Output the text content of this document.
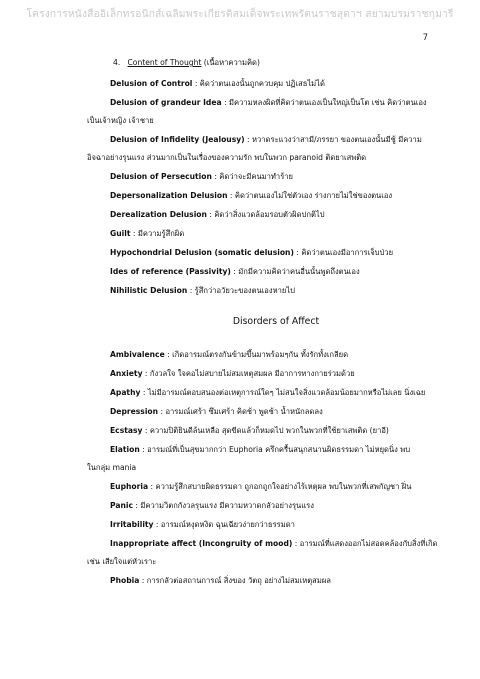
โครงการหนังสืออิเล็กทรอนิกส์เฉลิมพระเกียรติสมเด็จพระเทพรัตนราชสุดาฯ สยามบรมราชกุมารี
7
4. Content of Thought (เนื้อหาความคิด)
Delusion of Control : คิดว่าตนเองนั้นถูกควบคุม ปฏิเสธไม่ได้
Delusion of grandeur Idea : มีความหลงผิดที่คิดว่าตนเองเป็นใหญ่เป็นโต เช่น คิดว่าตนเอง
เป็นเจ้าหญิง เจ้าชาย
Delusion of Infidelity (Jealousy) : หวาดระแวงว่าสามี/ภรรยา ของตนเองนั้นมีชู้ มีความ
อิจฉาอย่างรุนแรง ส่วนมากเป็นในเรื่องของความรัก พบในพวก paranoid ติดยาเสพติด
Delusion of Persecution : คิดว่าจะมีคนมาทำร้าย
Depersonalization Delusion : คิดว่าตนเองไม่ใช่ตัวเอง ร่างกายไม่ใช่ของตนเอง
Derealization Delusion : คิดว่าสิ่งแวดล้อมรอบตัวผิดปกติไป
Guilt : มีความรู้สึกผิด
Hypochondrial Delusion (somatic delusion) : คิดว่าตนเองมีอาการเจ็บป่วย
Ides of reference (Passivity) : มักมีความคิดว่าคนอื่นนั้นพูดถึงตนเอง
Nihilistic Delusion : รู้สึกว่าอวัยวะของตนเองหายไป
Disorders of Affect
Ambivalence : เกิดอารมณ์ตรงกันข้ามขึ้นมาพร้อมๆกัน ทั้งรักทั้งเกลียด
Anxiety : กังวลใจ ใจคอไม่สบายไม่สมเหตุสมผล มีอาการทางกายร่วมด้วย
Apathy : ไม่มีอารมณ์ตอบสนองต่อเหตุการณ์ใดๆ ไม่สนใจสิ่งแวดล้อมน้อยมากหรือไม่เลย นิ่งเฉย
Depression : อารมณ์เศร้า ซึมเศร้า คิดช้า พูดช้า น้ำหนักลดลง
Ecstasy : ความปิติยินดีล้นเหลือ สุดขีดแล้วก็หมดไป พวกในพวกที่ใช้ยาเสพติด (ยาอี)
Elation : อารมณ์ที่เป็นสุขมากกว่า Euphoria ครึกครื้นสนุกสนานผิดธรรมดา ไม่หยุดนิ่ง พบ
ในกลุ่ม mania
Euphoria : ความรู้สึกสบายผิดธรรมดา ถูกอกถูกใจอย่างไร้เหตุผล พบในพวกที่เสพกัญชา ฝิ่น
Panic : มีความวิตกกังวลรุนแรง มีความหวาดกลัวอย่างรุนแรง
Irritability : อารมณ์หงุดหงิด ฉุนเฉียวง่ายกว่าธรรมดา
Inappropriate affect (Incongruity of mood) : อารมณ์ที่แสดงออกไม่สอดคล้องกับสิ่งที่เกิด
เช่น เสียใจแต่หัวเราะ
Phobia : การกลัวต่อสถานการณ์ สิ่งของ วัตถุ อย่างไม่สมเหตุสมผล
